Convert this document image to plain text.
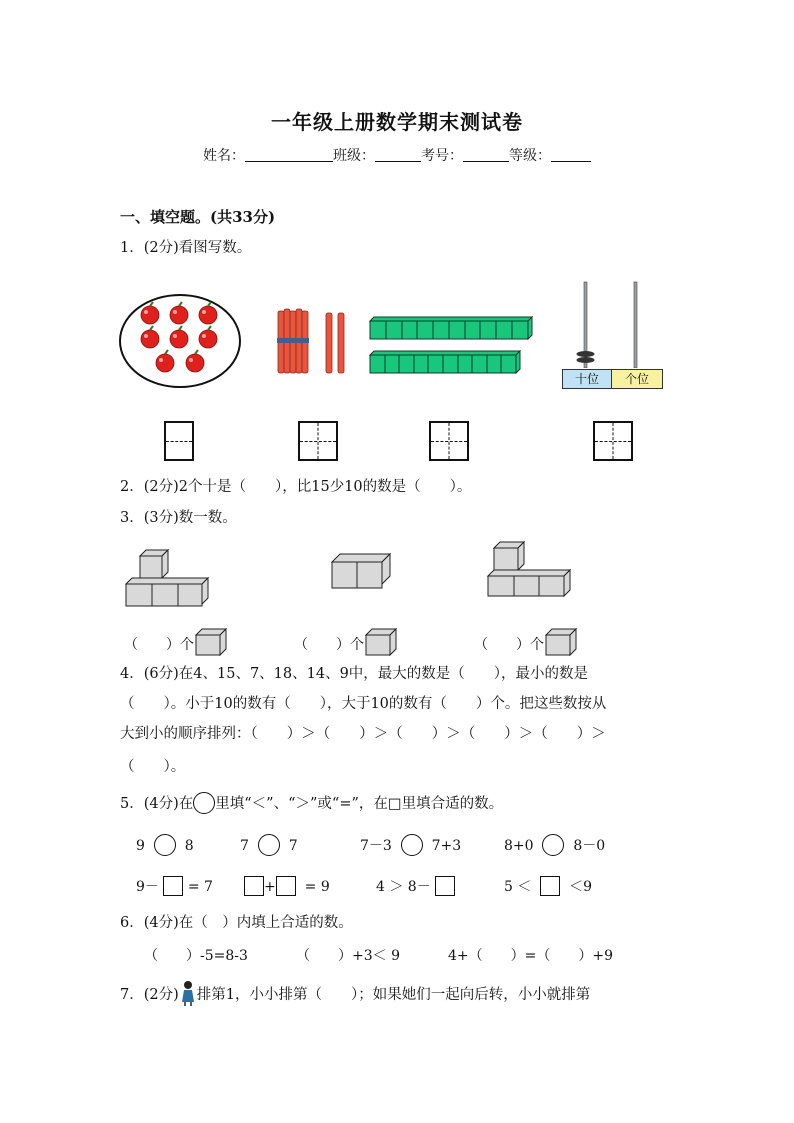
一年级上册数学期末测试卷
姓名：	班级：	考号：	等级：
一、填空题。(共33分)
1．(2分)看图写数。
十位	个位
2．(2分)2个十是（　　），比15少10的数是（　　）。
3．(3分)数一数。
（　　）个	（　　）个	（　　）个
4．(6分)在4、15、7、18、14、9中，最大的数是（　　），最小的数是
（　　）。小于10的数有（　　），大于10的数有（　　）个。把这些数按从
大到小的顺序排列：（　　）＞（　　）＞（　　）＞（　　）＞（　　）＞
（　　）。
5．(4分)在 里填“＜”、“＞”或“=”，在□里填合适的数。
9	8	7	7	7－3	7+3	8+0	8－0
9－ = 7	+ = 9	4 ＞ 8－	5 ＜	＜9
6．(4分)在（　）内填上合适的数。
（　　）-5=8-3	（　　）+3＜ 9	4+（　　）=（　　）+9
7．(2分) 排第1，小小排第（　　）；如果她们一起向后转，小小就排第
